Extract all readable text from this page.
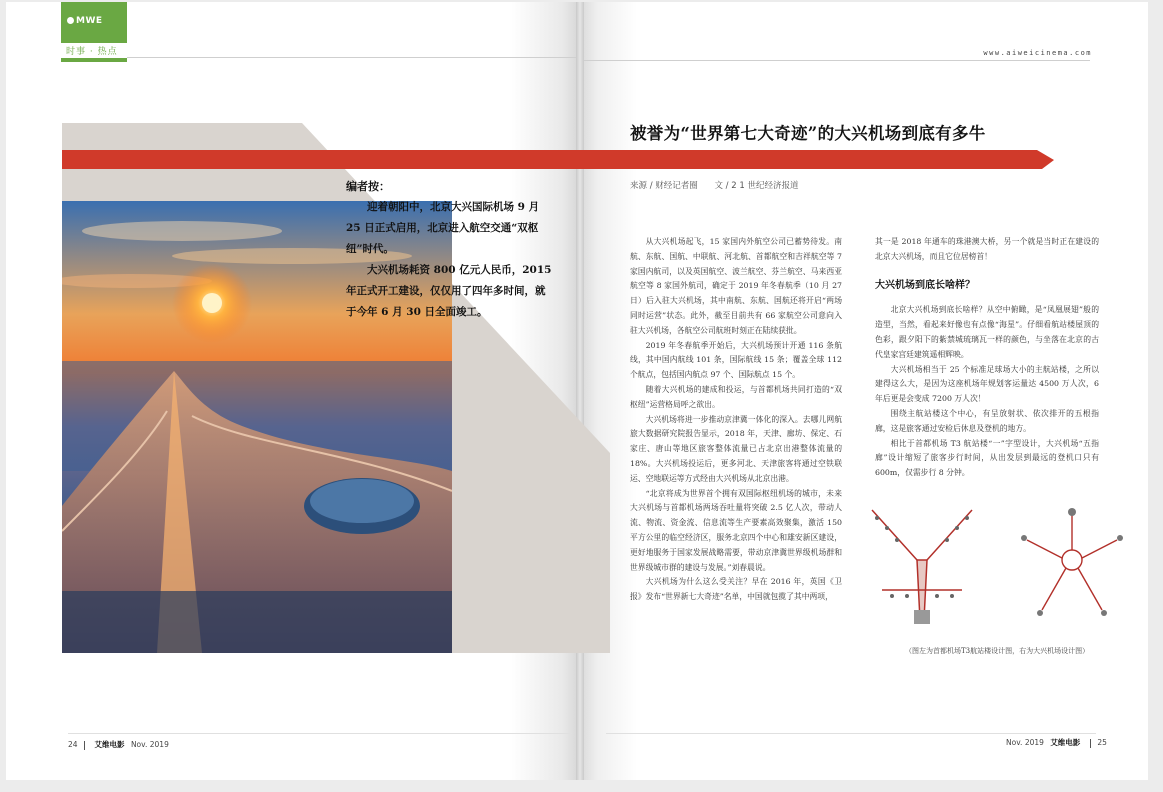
MWE
时事 · 热点
24 艾维电影 Nov. 2019
www.aiweicinema.com
编者按：

迎着朝阳中，北京大兴国际机场 9 月 25 日正式启用，北京进入航空交通“双枢纽”时代。

大兴机场耗资 800 亿元人民币，2015 年正式开工建设，仅仅用了四年多时间，就于今年 6 月 30 日全面竣工。

被誉为“世界第七大奇迹”的大兴机场到底有多牛
来源 / 财经记者圈 文 / 2 1 世纪经济报道

从大兴机场起飞，15 家国内外航空公司已蓄势待发。南航、东航、国航、中联航、河北航、首都航空和吉祥航空等 7 家国内航司，以及英国航空、波兰航空、芬兰航空、马来西亚航空等 8 家国外航司，确定于 2019 年冬春航季（10 月 27 日）后入驻大兴机场，其中南航、东航、国航还将开启“两场同时运营”状态。此外，截至目前共有 66 家航空公司意向入驻大兴机场，各航空公司航班时刻正在陆续获批。

2019 年冬春航季开始后，大兴机场预计开通 116 条航线，其中国内航线 101 条，国际航线 15 条；覆盖全球 112 个航点，包括国内航点 97 个、国际航点 15 个。

随着大兴机场的建成和投运，与首都机场共同打造的“双枢纽”运营格局呼之欲出。

大兴机场将进一步推动京津冀一体化的深入。去哪儿网航旅大数据研究院报告显示，2018 年，天津、廊坊、保定、石家庄、唐山等地区旅客整体流量已占北京出港整体流量的 18%。大兴机场投运后，更多河北、天津旅客将通过空铁联运、空地联运等方式经由大兴机场从北京出港。

“北京将成为世界首个拥有双国际枢纽机场的城市，未来大兴机场与首都机场两场吞吐量将突破 2.5 亿人次，带动人流、物流、资金流、信息流等生产要素高效聚集，激活 150 平方公里的临空经济区，服务北京四个中心和雄安新区建设，更好地服务于国家发展战略需要，带动京津冀世界级机场群和世界级城市群的建设与发展。”刘春晨说。

大兴机场为什么这么受关注？早在 2016 年，英国《卫报》发布“世界新七大奇迹”名单，中国就包揽了其中两项，

其一是 2018 年通车的珠港澳大桥，另一个就是当时正在建设的北京大兴机场，而且它位居榜首！

大兴机场到底长啥样？

北京大兴机场到底长啥样？从空中俯瞰，是“凤凰展翅”般的造型，当然，看起来好像也有点像“海星”。仔细看航站楼屋顶的色彩，跟夕阳下的紫禁城琉璃瓦一样的颜色，与坐落在北京的古代皇家宫廷建筑遥相辉映。

大兴机场相当于 25 个标准足球场大小的主航站楼，之所以建得这么大，是因为这座机场年规划客运量达 4500 万人次，6 年后更是会变成 7200 万人次！

围绕主航站楼这个中心，有呈放射状、依次排开的五根指廊，这是旅客通过安检后休息及登机的地方。

相比于首都机场 T3 航站楼“一”字型设计，大兴机场“五指廊”设计缩短了旅客步行时间，从出发层到最远的登机口只有 600m，仅需步行 8 分钟。

（图左为首都机场T3航站楼设计图，右为大兴机场设计图）
Nov. 2019 艾维电影 25
